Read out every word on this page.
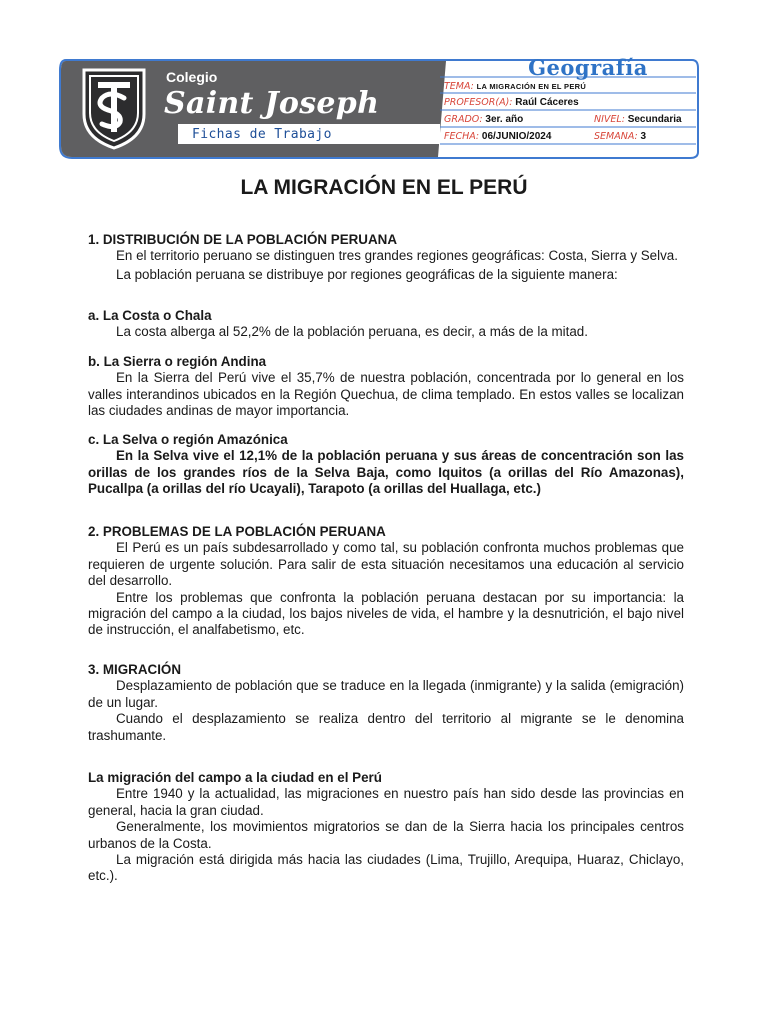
Colegio
Saint Joseph
Fichas de Trabajo
Geografía
TEMA: LA MIGRACIÓN EN EL PERÚ
PROFESOR(A): Raúl Cáceres
GRADO: 3er. año	NIVEL: Secundaria
FECHA: 06/JUNIO/2024	SEMANA: 3
LA MIGRACIÓN EN EL PERÚ
1. DISTRIBUCIÓN DE LA POBLACIÓN PERUANA

En el territorio peruano se distinguen tres grandes regiones geográficas: Costa, Sierra y Selva.

La población peruana se distribuye por regiones geográficas de la siguiente manera:

a. La Costa o Chala

La costa alberga al 52,2% de la población peruana, es decir, a más de la mitad.

b. La Sierra o región Andina

En la Sierra del Perú vive el 35,7% de nuestra población, concentrada por lo general en los valles interandinos ubicados en la Región Quechua, de clima templado. En estos valles se localizan las ciudades andinas de mayor importancia.

c. La Selva o región Amazónica

En la Selva vive el 12,1% de la población peruana y sus áreas de concentración son las orillas de los grandes ríos de la Selva Baja, como Iquitos (a orillas del Río Amazonas), Pucallpa (a orillas del río Ucayali), Tarapoto (a orillas del Huallaga, etc.)

2. PROBLEMAS DE LA POBLACIÓN PERUANA

El Perú es un país subdesarrollado y como tal, su población confronta muchos problemas que requieren de urgente solución. Para salir de esta situación necesitamos una educación al servicio del desarrollo.

Entre los problemas que confronta la población peruana destacan por su importancia: la migración del campo a la ciudad, los bajos niveles de vida, el hambre y la desnutrición, el bajo nivel de instrucción, el analfabetismo, etc.

3. MIGRACIÓN

Desplazamiento de población que se traduce en la llegada (inmigrante) y la salida (emigración) de un lugar.

Cuando el desplazamiento se realiza dentro del territorio al migrante se le denomina trashumante.

La migración del campo a la ciudad en el Perú

Entre 1940 y la actualidad, las migraciones en nuestro país han sido desde las provincias en general, hacia la gran ciudad.

Generalmente, los movimientos migratorios se dan de la Sierra hacia los principales centros urbanos de la Costa.

La migración está dirigida más hacia las ciudades (Lima, Trujillo, Arequipa, Huaraz, Chiclayo, etc.).
